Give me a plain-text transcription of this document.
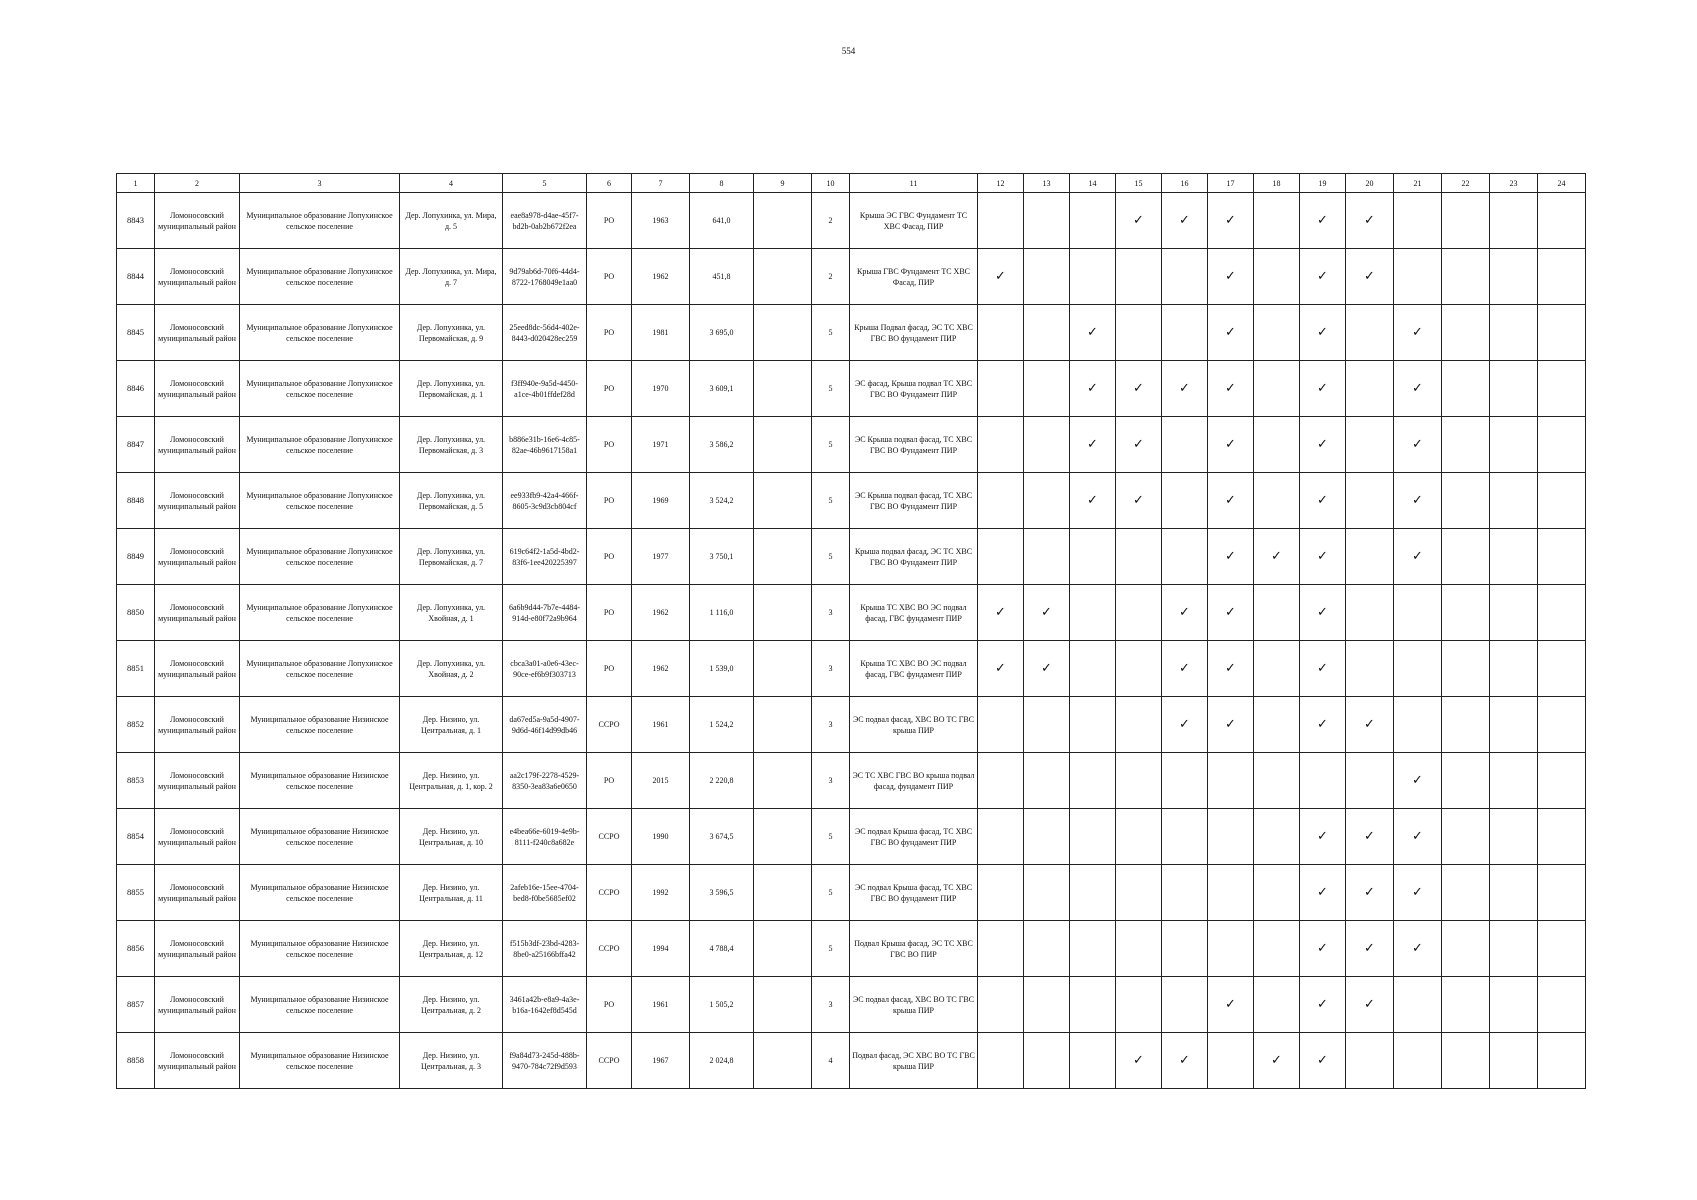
554
1	2	3	4	5	6	7	8	9	10	11	12	13	14	15	16	17	18	19	20	21	22	23	24
8843	Ломоносовский муниципальный район	Муниципальное образование Лопухинское сельское поселение	Дер. Лопухинка, ул. Мира, д. 5	eae8a978-d4ae-45f7-bd2b-0ab2b672f2ea	РО	1963	641,0		2	Крыша ЭС ГВС Фундамент ТС ХВС Фасад, ПИР				✓	✓	✓		✓	✓				
8844	Ломоносовский муниципальный район	Муниципальное образование Лопухинское сельское поселение	Дер. Лопухинка, ул. Мира, д. 7	9d79ab6d-70f6-44d4-8722-1768049e1aa0	РО	1962	451,8		2	Крыша ГВС Фундамент ТС ХВС Фасад, ПИР	✓					✓		✓	✓				
8845	Ломоносовский муниципальный район	Муниципальное образование Лопухинское сельское поселение	Дер. Лопухинка, ул. Первомайская, д. 9	25eed8dc-56d4-402e-8443-d020428ec259	РО	1981	3 695,0		5	Крыша Подвал фасад, ЭС ТС ХВС ГВС ВО фундамент ПИР			✓			✓		✓		✓			
8846	Ломоносовский муниципальный район	Муниципальное образование Лопухинское сельское поселение	Дер. Лопухинка, ул. Первомайская, д. 1	f3ff940e-9a5d-4450-a1ce-4b01ffdef28d	РО	1970	3 609,1		5	ЭС фасад, Крыша подвал ТС ХВС ГВС ВО Фундамент ПИР			✓	✓	✓	✓		✓		✓			
8847	Ломоносовский муниципальный район	Муниципальное образование Лопухинское сельское поселение	Дер. Лопухинка, ул. Первомайская, д. 3	b886e31b-16e6-4c85-82ae-46b9617158a1	РО	1971	3 586,2		5	ЭС Крыша подвал фасад, ТС ХВС ГВС ВО Фундамент ПИР			✓	✓		✓		✓		✓			
8848	Ломоносовский муниципальный район	Муниципальное образование Лопухинское сельское поселение	Дер. Лопухинка, ул. Первомайская, д. 5	ee933fb9-42a4-466f-8605-3c9d3cb804cf	РО	1969	3 524,2		5	ЭС Крыша подвал фасад, ТС ХВС ГВС ВО Фундамент ПИР			✓	✓		✓		✓		✓			
8849	Ломоносовский муниципальный район	Муниципальное образование Лопухинское сельское поселение	Дер. Лопухинка, ул. Первомайская, д. 7	619c64f2-1a5d-4bd2-83f6-1ee420225397	РО	1977	3 750,1		5	Крыша подвал фасад, ЭС ТС ХВС ГВС ВО Фундамент ПИР						✓	✓	✓		✓			
8850	Ломоносовский муниципальный район	Муниципальное образование Лопухинское сельское поселение	Дер. Лопухинка, ул. Хвойная, д. 1	6a6b9d44-7b7e-4484-914d-e80f72a9b964	РО	1962	1 116,0		3	Крыша ТС ХВС ВО ЭС подвал фасад, ГВС фундамент ПИР	✓	✓			✓	✓		✓					
8851	Ломоносовский муниципальный район	Муниципальное образование Лопухинское сельское поселение	Дер. Лопухинка, ул. Хвойная, д. 2	cbca3a01-a0e6-43ec-90ce-ef6b9f303713	РО	1962	1 539,0		3	Крыша ТС ХВС ВО ЭС подвал фасад, ГВС фундамент ПИР	✓	✓			✓	✓		✓					
8852	Ломоносовский муниципальный район	Муниципальное образование Низинское сельское поселение	Дер. Низино, ул. Центральная, д. 1	da67ed5a-9a5d-4907-9d6d-46f14d99db46	ССРО	1961	1 524,2		3	ЭС подвал фасад, ХВС ВО ТС ГВС крыша ПИР					✓	✓		✓	✓				
8853	Ломоносовский муниципальный район	Муниципальное образование Низинское сельское поселение	Дер. Низино, ул. Центральная, д. 1, кор. 2	aa2c179f-2278-4529-8350-3ea83a6e0650	РО	2015	2 220,8		3	ЭС ТС ХВС ГВС ВО крыша подвал фасад, фундамент ПИР										✓			
8854	Ломоносовский муниципальный район	Муниципальное образование Низинское сельское поселение	Дер. Низино, ул. Центральная, д. 10	e4bea66e-6019-4e9b-8111-f240c8a682e	ССРО	1990	3 674,5		5	ЭС подвал Крыша фасад, ТС ХВС ГВС ВО фундамент ПИР								✓	✓	✓			
8855	Ломоносовский муниципальный район	Муниципальное образование Низинское сельское поселение	Дер. Низино, ул. Центральная, д. 11	2afeb16e-15ee-4704-bed8-f0be5685ef02	ССРО	1992	3 596,5		5	ЭС подвал Крыша фасад, ТС ХВС ГВС ВО фундамент ПИР								✓	✓	✓			
8856	Ломоносовский муниципальный район	Муниципальное образование Низинское сельское поселение	Дер. Низино, ул. Центральная, д. 12	f515b3df-23bd-4283-8be0-a25166bffa42	ССРО	1994	4 788,4		5	Подвал Крыша фасад, ЭС ТС ХВС ГВС ВО ПИР								✓	✓	✓			
8857	Ломоносовский муниципальный район	Муниципальное образование Низинское сельское поселение	Дер. Низино, ул. Центральная, д. 2	3461a42b-e8a9-4a3e-b16a-1642ef8d545d	РО	1961	1 505,2		3	ЭС подвал фасад, ХВС ВО ТС ГВС крыша ПИР						✓		✓	✓				
8858	Ломоносовский муниципальный район	Муниципальное образование Низинское сельское поселение	Дер. Низино, ул. Центральная, д. 3	f9a84d73-245d-488b-9470-784c72f9d593	ССРО	1967	2 024,8		4	Подвал фасад, ЭС ХВС ВО ТС ГВС крыша ПИР				✓	✓		✓	✓					
